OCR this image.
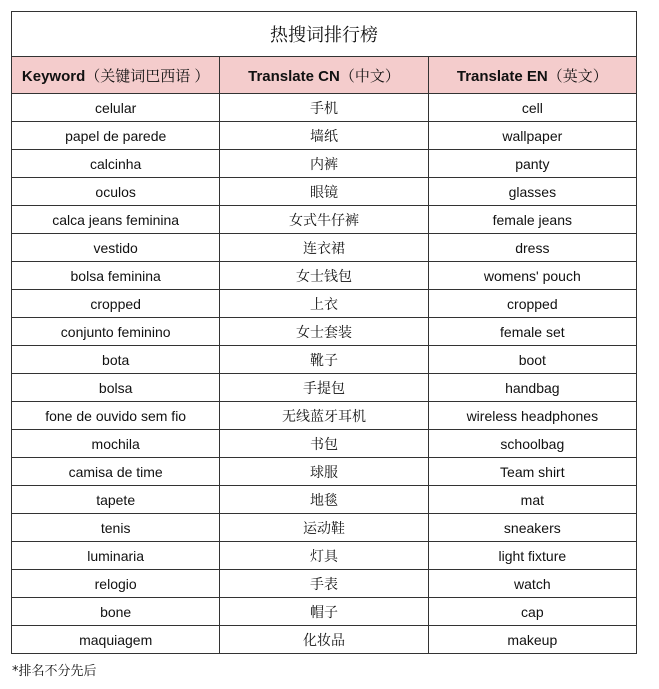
热搜词排行榜		
Keyword（关键词巴西语 ）	Translate CN（中文）	Translate EN（英文）
celular	手机	cell
papel de parede	墙纸	wallpaper
calcinha	内裤	panty
oculos	眼镜	glasses
calca jeans feminina	女式牛仔裤	female jeans
vestido	连衣裙	dress
bolsa feminina	女士钱包	womens' pouch
cropped	上衣	cropped
conjunto feminino	女士套装	female set
bota	靴子	boot
bolsa	手提包	handbag
fone de ouvido sem fio	无线蓝牙耳机	wireless headphones
mochila	书包	schoolbag
camisa de time	球服	Team shirt
tapete	地毯	mat
tenis	运动鞋	sneakers
luminaria	灯具	light fixture
relogio	手表	watch
bone	帽子	cap
maquiagem	化妆品	makeup
*排名不分先后
